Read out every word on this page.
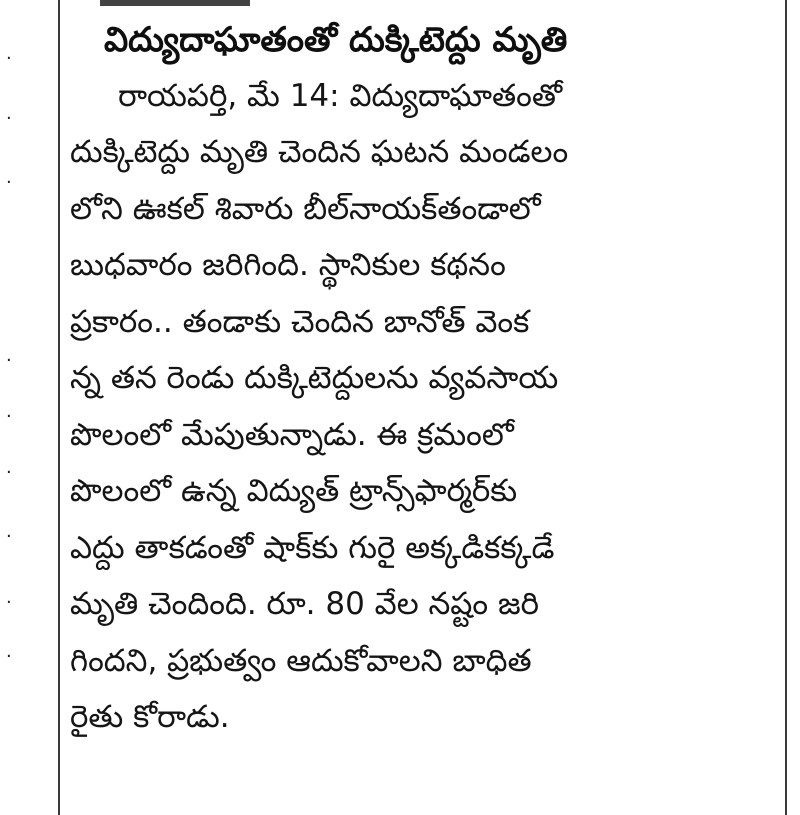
·
·
·
·
·
·
·
·
·
విద్యుదాఘాతంతో దుక్కిటెద్దు మృతి
రాయపర్తి, మే 14: విద్యుదాఘాతంతో
దుక్కిటెద్దు మృతి చెందిన ఘటన మండలం
లోని ఊకల్ శివారు బీల్‌నాయక్‌తండాలో
బుధవారం జరిగింది. స్థానికుల కథనం
ప్రకారం.. తండాకు చెందిన బానోత్ వెంక
న్న తన రెండు దుక్కిటెద్దులను వ్యవసాయ
పొలంలో మేపుతున్నాడు. ఈ క్రమంలో
పొలంలో ఉన్న విద్యుత్ ట్రాన్స్‌ఫార్మర్‌కు
ఎద్దు తాకడంతో షాక్‌కు గురై అక్కడికక్కడే
మృతి చెందింది. రూ. 80 వేల నష్టం జరి
గిందని, ప్రభుత్వం ఆదుకోవాలని బాధిత
రైతు కోరాడు.
